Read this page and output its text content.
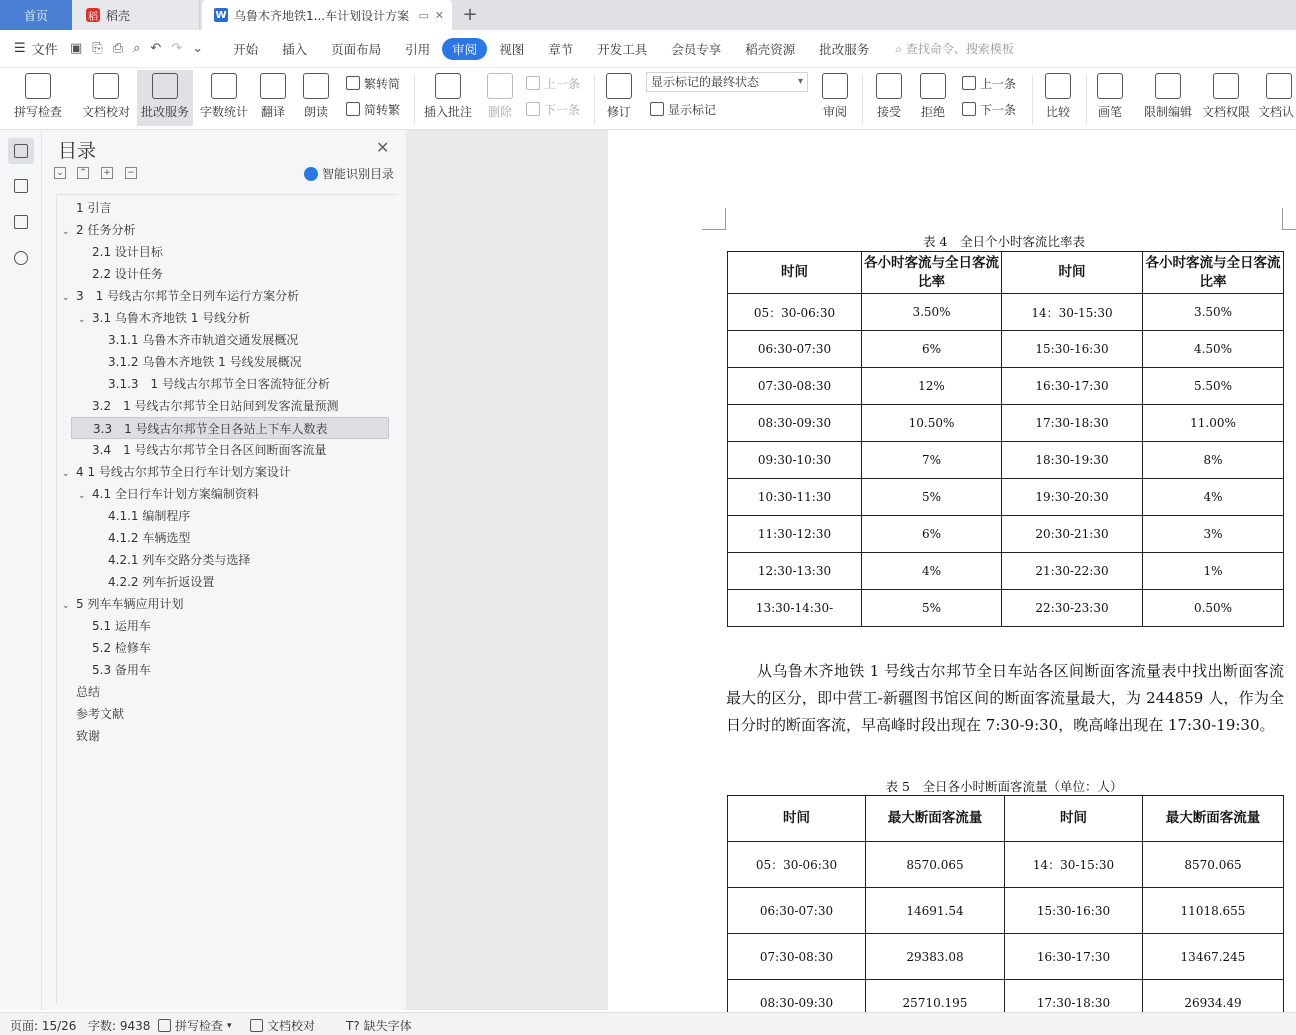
首页	稻 稻壳	W 乌鲁木齐地铁1...车计划设计方案 ▭ ✕ +
☰ 文件 ▣ ⎘ ⎙ ⌕ ↶ ↷ ⌄	开始	插入	页面布局	引用	审阅	视图	章节	开发工具	会员专享	稻壳资源	批改服务	⌕ 查找命令、搜索模板
拼写检查 文档校对 批改服务 字数统计 翻译 朗读
繁转简
简转繁 插入批注 删除
上一条
下一条 修订	显示标记	审阅 接受 拒绝
上一条
下一条 比较 画笔 限制编辑 文档权限 文档认
显示标记的最终状态 ▾
目录	✕
⌄ ⌃ + −	智能识别目录
1 引言
⌄ 2 任务分析
2.1 设计目标
2.2 设计任务
⌄ 3　1 号线古尔邦节全日列车运行方案分析
⌄ 3.1 乌鲁木齐地铁 1 号线分析
3.1.1 乌鲁木齐市轨道交通发展概况
3.1.2 乌鲁木齐地铁 1 号线发展概况
3.1.3　1 号线古尔邦节全日客流特征分析
3.2　1 号线古尔邦节全日站间到发客流量预测
3.3　1 号线古尔邦节全日各站上下车人数表
3.4　1 号线古尔邦节全日各区间断面客流量
⌄ 4 1 号线古尔邦节全日行车计划方案设计
⌄ 4.1 全日行车计划方案编制资料
4.1.1 编制程序
4.1.2 车辆选型
4.2.1 列车交路分类与选择
4.2.2 列车折返设置
⌄ 5 列车车辆应用计划
5.1 运用车
5.2 检修车
5.3 备用车
总结
参考文献
致谢
表 4　全日个小时客流比率表
时间	各小时客流与全日客流比率	时间	各小时客流与全日客流比率
05：30-06:30	3.50%	14：30-15:30	3.50%
06:30-07:30	6%	15:30-16:30	4.50%
07:30-08:30	12%	16:30-17:30	5.50%
08:30-09:30	10.50%	17:30-18:30	11.00%
09:30-10:30	7%	18:30-19:30	8%
10:30-11:30	5%	19:30-20:30	4%
11:30-12:30	6%	20:30-21:30	3%
12:30-13:30	4%	21:30-22:30	1%
13:30-14:30-	5%	22:30-23:30	0.50%
从乌鲁木齐地铁 1 号线古尔邦节全日车站各区间断面客流量表中找出断面客流最大的区分，即中营工-新疆图书馆区间的断面客流量最大，为 244859 人，作为全日分时的断面客流，早高峰时段出现在 7:30-9:30，晚高峰出现在 17:30-19:30。
表 5　全日各小时断面客流量（单位：人）
时间	最大断面客流量	时间	最大断面客流量
05：30-06:30	8570.065	14：30-15:30	8570.065
06:30-07:30	14691.54	15:30-16:30	11018.655
07:30-08:30	29383.08	16:30-17:30	13467.245
08:30-09:30	25710.195	17:30-18:30	26934.49
页面: 15/26 字数: 9438 拼写检查 ▾	文档校对	T? 缺失字体
